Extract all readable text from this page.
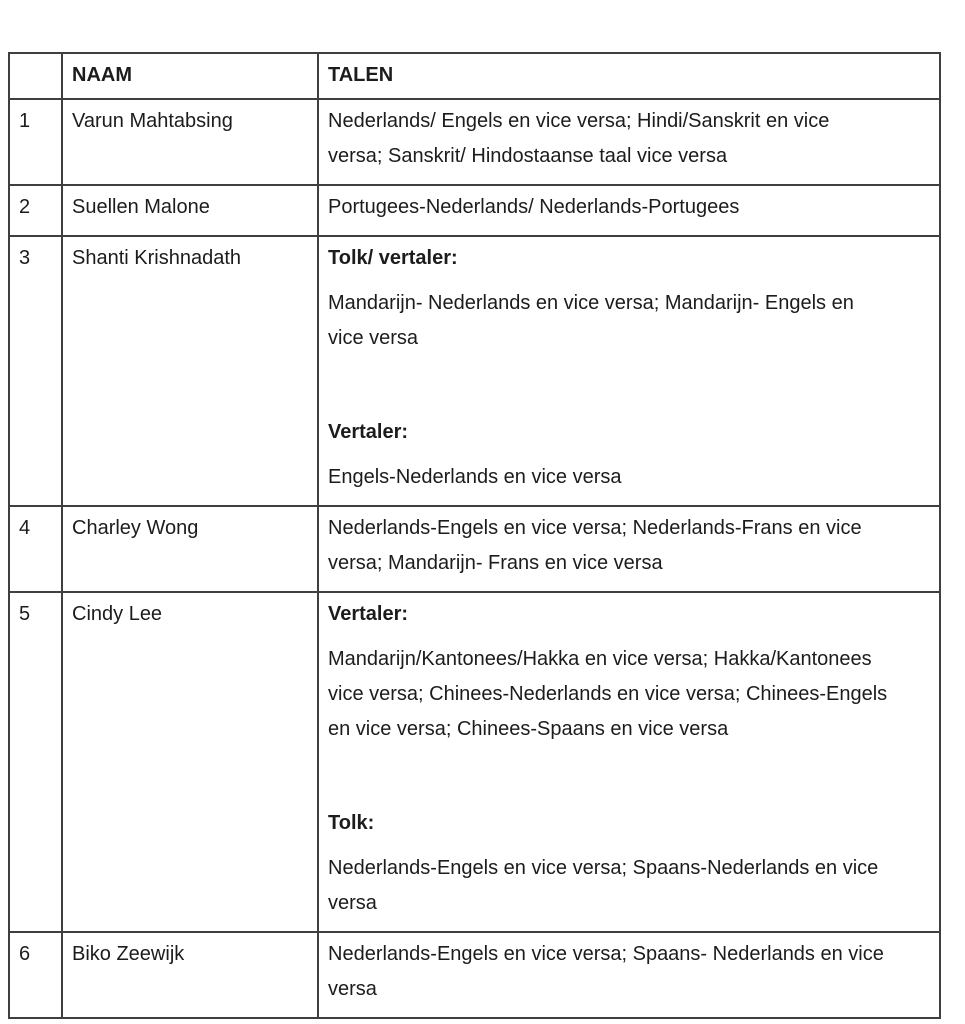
	NAAM	TALEN
1	Varun Mahtabsing	Nederlands/ Engels en vice versa; Hindi/Sanskrit en vice
versa; Sanskrit/ Hindostaanse taal vice versa

2	Suellen Malone	Portugees-Nederlands/ Nederlands-Portugees

3	Shanti Krishnadath	Tolk/ vertaler:
Mandarijn- Nederlands en vice versa; Mandarijn- Engels en
vice versa
Vertaler:
Engels-Nederlands en vice versa

4	Charley Wong	Nederlands-Engels en vice versa; Nederlands-Frans en vice
versa; Mandarijn- Frans en vice versa

5	Cindy Lee	Vertaler:
Mandarijn/Kantonees/Hakka en vice versa; Hakka/Kantonees
vice versa; Chinees-Nederlands en vice versa; Chinees-Engels
en vice versa; Chinees-Spaans en vice versa
Tolk:
Nederlands-Engels en vice versa; Spaans-Nederlands en vice
versa

6	Biko Zeewijk	Nederlands-Engels en vice versa; Spaans- Nederlands en vice
versa
